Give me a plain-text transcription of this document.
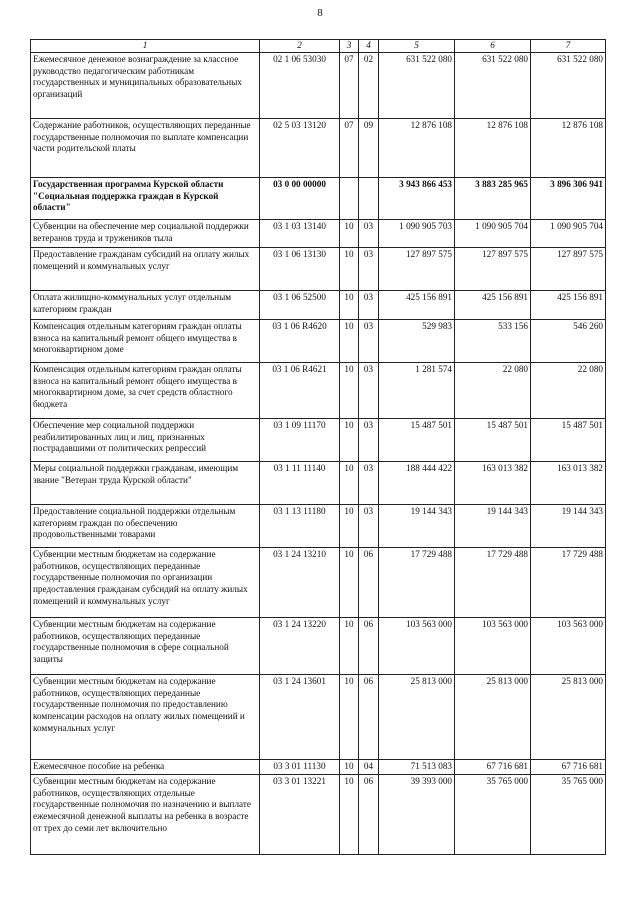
8
1	2	3	4	5	6	7
Ежемесячное денежное вознаграждение за классное руководство педагогическим работникам государственных и муниципальных образовательных организаций	02 1 06 53030	07	02	631 522 080	631 522 080	631 522 080
Содержание работников, осуществляющих переданные государственные полномочия по выплате компенсации части родительской платы	02 5 03 13120	07	09	12 876 108	12 876 108	12 876 108
Государственная программа Курской области "Социальная поддержка граждан в Курской области"	03 0 00 00000			3 943 866 453	3 883 285 965	3 896 306 941
Субвенции на обеспечение мер социальной поддержки ветеранов труда и тружеников тыла	03 1 03 13140	10	03	1 090 905 703	1 090 905 704	1 090 905 704
Предоставление гражданам субсидий на оплату жилых помещений и коммунальных услуг	03 1 06 13130	10	03	127 897 575	127 897 575	127 897 575
Оплата жилищно-коммунальных услуг отдельным категориям граждан	03 1 06 52500	10	03	425 156 891	425 156 891	425 156 891
Компенсация отдельным категориям граждан оплаты взноса на капитальный ремонт общего имущества в многоквартирном доме	03 1 06 R4620	10	03	529 983	533 156	546 260
Компенсация отдельным категориям граждан оплаты взноса на капитальный ремонт общего имущества в многоквартирном доме, за счет средств областного бюджета	03 1 06 R4621	10	03	1 281 574	22 080	22 080
Обеспечение мер социальной поддержки реабилитированных лиц и лиц, признанных пострадавшими от политических репрессий	03 1 09 11170	10	03	15 487 501	15 487 501	15 487 501
Меры социальной поддержки гражданам, имеющим звание "Ветеран труда Курской области"	03 1 11 11140	10	03	188 444 422	163 013 382	163 013 382
Предоставление социальной поддержки отдельным категориям граждан по обеспечению продовольственными товарами	03 1 13 11180	10	03	19 144 343	19 144 343	19 144 343
Субвенции местным бюджетам на содержание работников, осуществляющих переданные государственные полномочия по организации предоставления гражданам субсидий на оплату жилых помещений и коммунальных услуг	03 1 24 13210	10	06	17 729 488	17 729 488	17 729 488
Субвенции местным бюджетам на содержание работников, осуществляющих переданные государственные полномочия в сфере социальной защиты	03 1 24 13220	10	06	103 563 000	103 563 000	103 563 000
Субвенции местным бюджетам на содержание работников, осуществляющих переданные государственные полномочия по предоставлению компенсации расходов на оплату жилых помещений и коммунальных услуг	03 1 24 13601	10	06	25 813 000	25 813 000	25 813 000
Ежемесячное пособие на ребенка	03 3 01 11130	10	04	71 513 083	67 716 681	67 716 681
Субвенции местным бюджетам на содержание работников, осуществляющих отдельные государственные полномочия по назначению и выплате ежемесячной денежной выплаты на ребенка в возрасте от трех до семи лет включительно	03 3 01 13221	10	06	39 393 000	35 765 000	35 765 000
